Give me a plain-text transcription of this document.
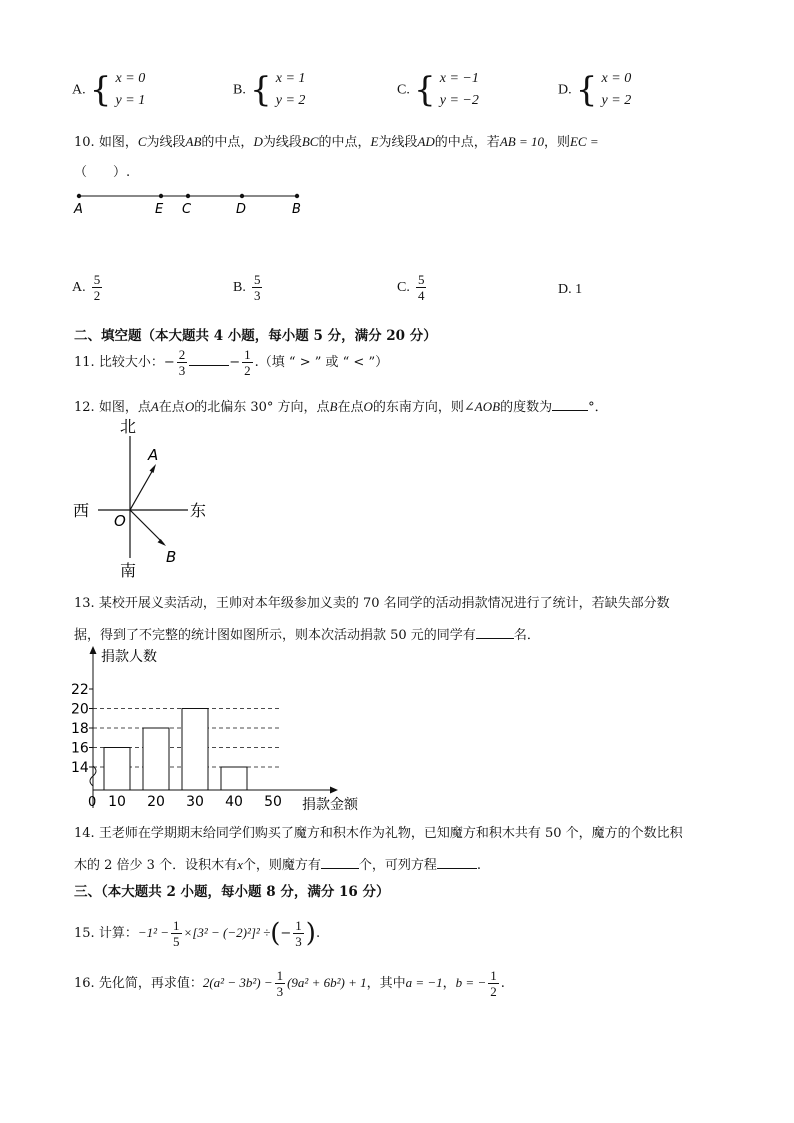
A. { x = 0
y = 1
B. { x = 1
y = 2
C. { x = −1
y = −2
D. { x = 0
y = 2
10. 如图，C为线段AB的中点，D为线段BC的中点，E为线段AD的中点，若AB = 10，则EC =
（　　）.
A	E C	D	B
A. $\frac{5}{2}$	B. $\frac{5}{3}$	C. $\frac{5}{4}$	D. 1
二、填空题（本大题共 4 小题，每小题 5 分，满分 20 分）
11. 比较大小：− $\frac{2}{3}$	− $\frac{1}{2}$ .（填 “ > ” 或 “ < ”）
12. 如图，点A在点O的北偏东 30° 方向，点B在点O的东南方向，则∠AOB的度数为	°．
北
南
西	东
O
A
B
13. 某校开展义卖活动，王帅对本年级参加义卖的 70 名同学的活动捐款情况进行了统计，若缺失部分数
据，得到了不完整的统计图如图所示，则本次活动捐款 50 元的同学有	名．
捐款人数
捐款金额
0 10 20 30 40 50
22
20
18
16
14
14. 王老师在学期期末给同学们购买了魔方和积木作为礼物，已知魔方和积木共有 50 个，魔方的个数比积
木的 2 倍少 3 个．设积木有x个，则魔方有	个，可列方程	.
三、（本大题共 2 小题，每小题 8 分，满分 16 分）
15. 计算：$-1^2 - \frac{1}{5} \times[3^2 - (-2)^2]^2$ ÷(− $\frac{1}{3}$ ).
16. 先化简，再求值：$2(a^2 - 3b^2) - \frac{1}{3} (9a^2 + 6b^2) + 1$，其中a = −1，b = − $\frac{1}{2}$ .
